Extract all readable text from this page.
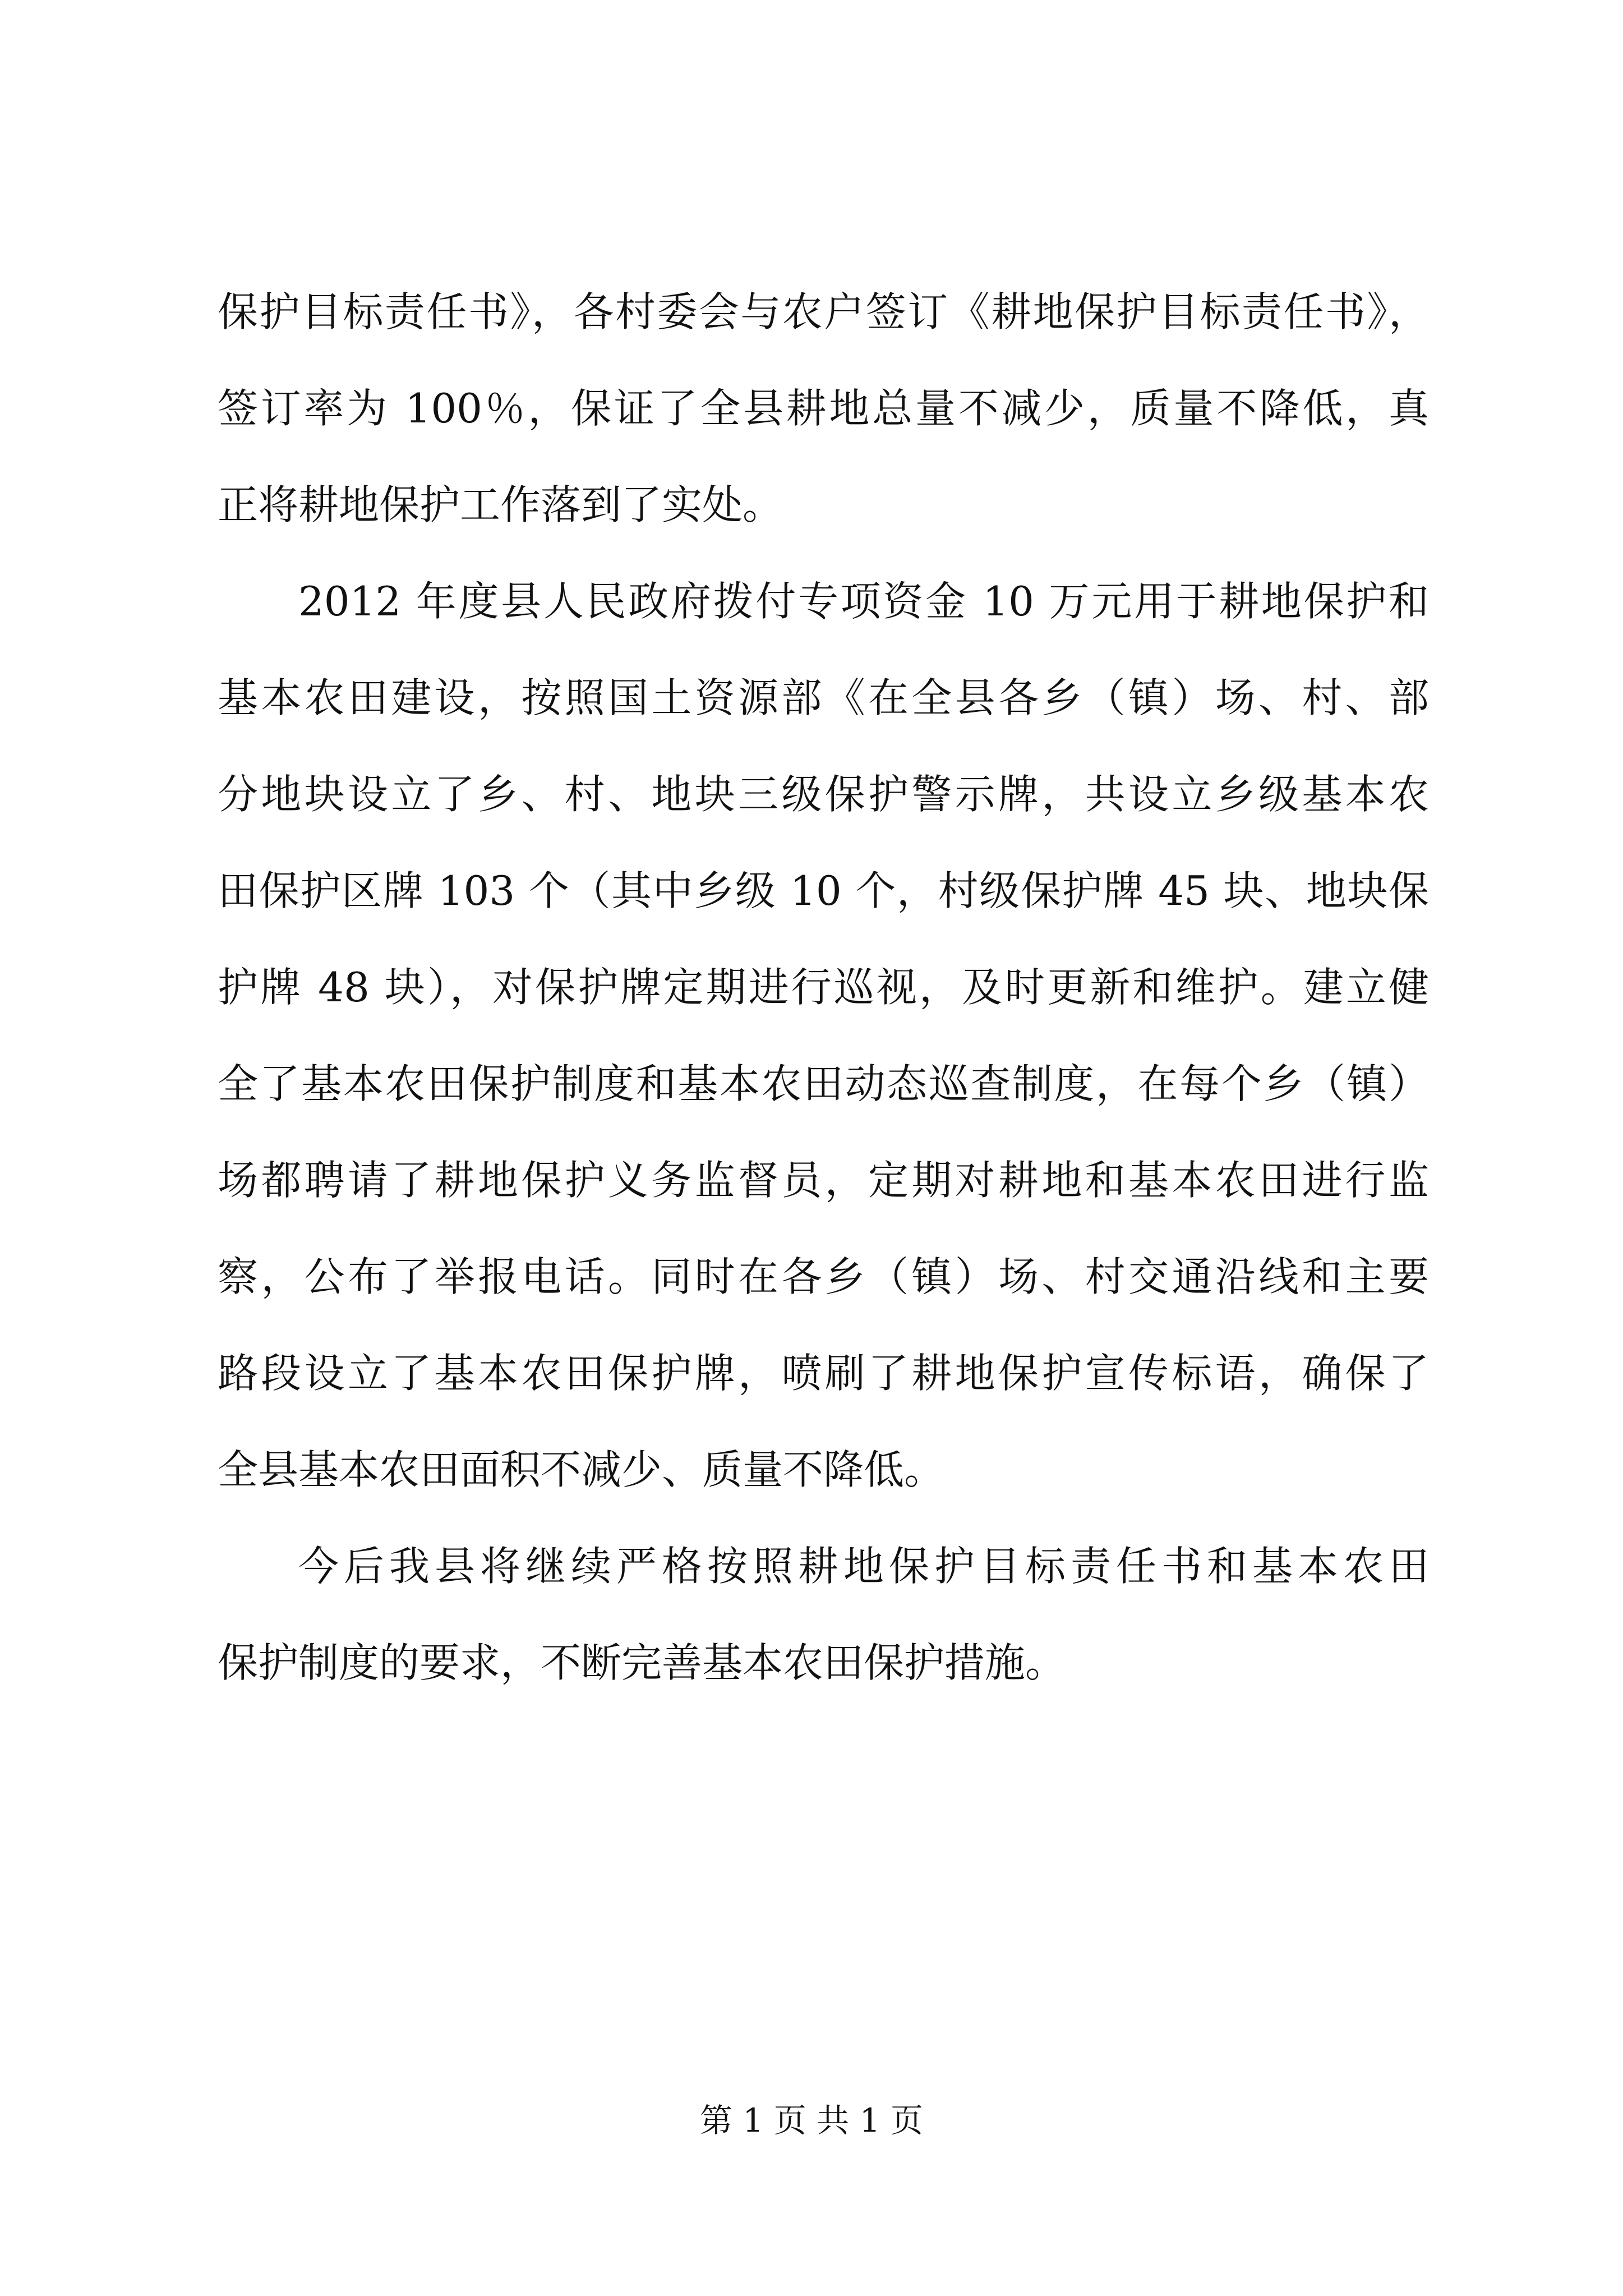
保护目标责任书》，各村委会与农户签订《耕地保护目标责任书》，
签订率为 100％，保证了全县耕地总量不减少，质量不降低，真
正将耕地保护工作落到了实处。
2012 年度县人民政府拨付专项资金 10 万元用于耕地保护和
基本农田建设，按照国土资源部《在全县各乡（镇）场、村、部
分地块设立了乡、村、地块三级保护警示牌，共设立乡级基本农
田保护区牌 103 个（其中乡级 10 个，村级保护牌 45 块、地块保
护牌 48 块），对保护牌定期进行巡视，及时更新和维护。建立健
全了基本农田保护制度和基本农田动态巡查制度，在每个乡（镇）
场都聘请了耕地保护义务监督员，定期对耕地和基本农田进行监
察，公布了举报电话。同时在各乡（镇）场、村交通沿线和主要
路段设立了基本农田保护牌，喷刷了耕地保护宣传标语，确保了
全县基本农田面积不减少、质量不降低。
今后我县将继续严格按照耕地保护目标责任书和基本农田
保护制度的要求，不断完善基本农田保护措施。
第 1 页 共 1 页
